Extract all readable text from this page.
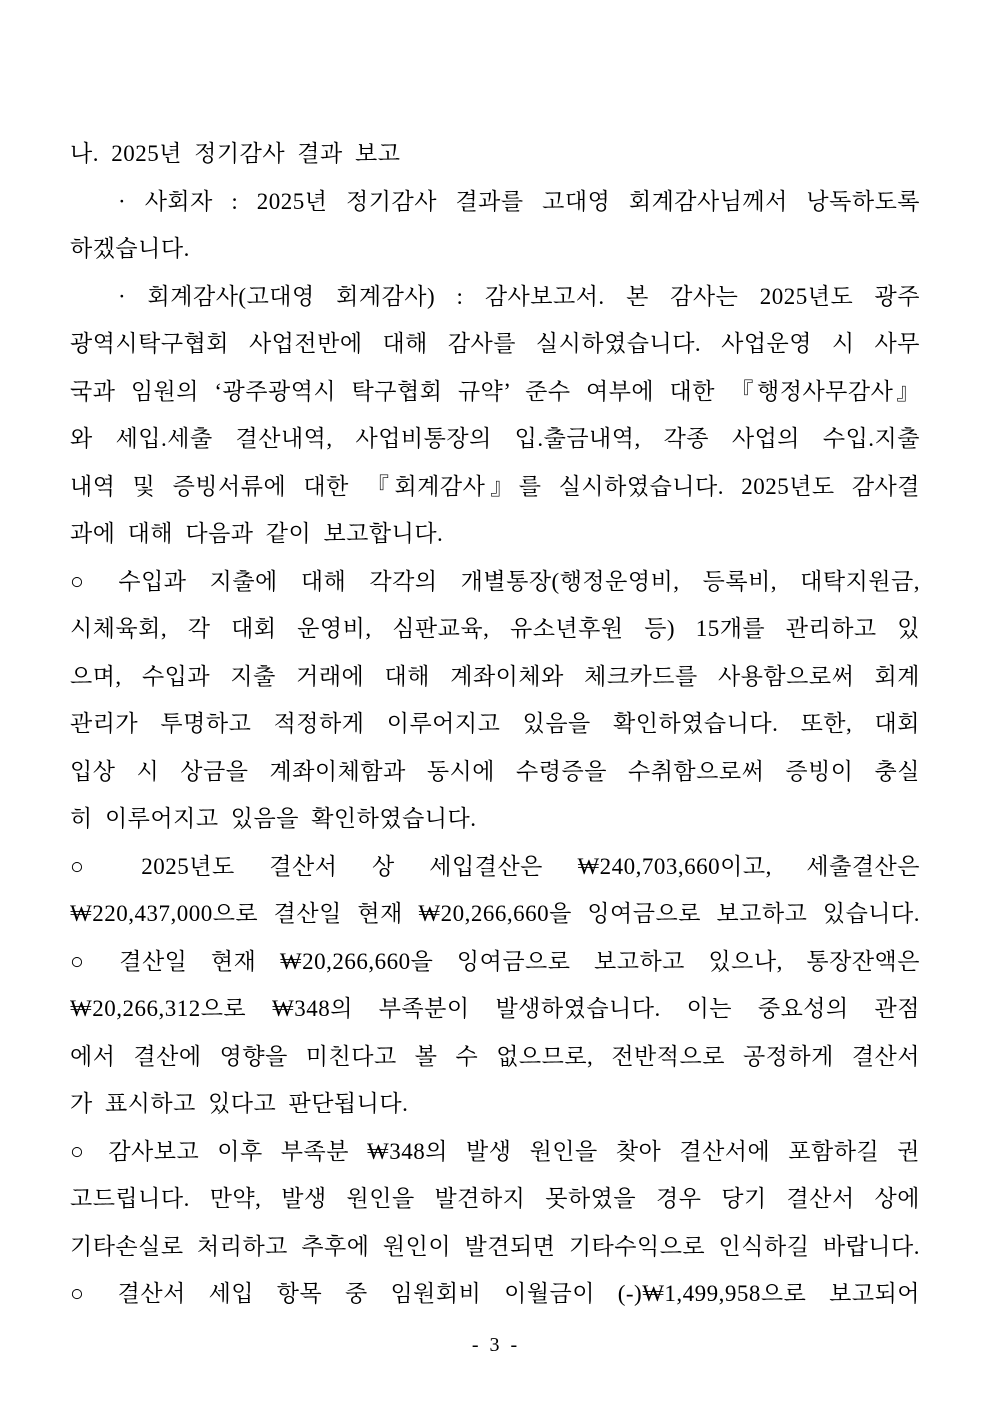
나. 2025년 정기감사 결과 보고
· 사회자 : 2025년 정기감사 결과를 고대영 회계감사님께서 낭독하도록
하겠습니다.
· 회계감사(고대영 회계감사) : 감사보고서. 본 감사는 2025년도 광주
광역시탁구협회 사업전반에 대해 감사를 실시하였습니다. 사업운영 시 사무
국과 임원의 ‘광주광역시 탁구협회 규약’ 준수 여부에 대한 『행정사무감사』
와 세입.세출 결산내역, 사업비통장의 입.출금내역, 각종 사업의 수입.지출
내역 및 증빙서류에 대한 『회계감사』를 실시하였습니다. 2025년도 감사결
과에 대해 다음과 같이 보고합니다.
○ 수입과 지출에 대해 각각의 개별통장(행정운영비, 등록비, 대탁지원금,
시체육회, 각 대회 운영비, 심판교육, 유소년후원 등) 15개를 관리하고 있
으며, 수입과 지출 거래에 대해 계좌이체와 체크카드를 사용함으로써 회계
관리가 투명하고 적정하게 이루어지고 있음을 확인하였습니다. 또한, 대회
입상 시 상금을 계좌이체함과 동시에 수령증을 수취함으로써 증빙이 충실
히 이루어지고 있음을 확인하였습니다.
○ 2025년도 결산서 상 세입결산은 ₩240,703,660이고, 세출결산은
₩220,437,000으로 결산일 현재 ₩20,266,660을 잉여금으로 보고하고 있습니다.
○ 결산일 현재 ₩20,266,660을 잉여금으로 보고하고 있으나, 통장잔액은
₩20,266,312으로 ₩348의 부족분이 발생하였습니다. 이는 중요성의 관점
에서 결산에 영향을 미친다고 볼 수 없으므로, 전반적으로 공정하게 결산서
가 표시하고 있다고 판단됩니다.
○ 감사보고 이후 부족분 ₩348의 발생 원인을 찾아 결산서에 포함하길 권
고드립니다. 만약, 발생 원인을 발견하지 못하였을 경우 당기 결산서 상에
기타손실로 처리하고 추후에 원인이 발견되면 기타수익으로 인식하길 바랍니다.
○ 결산서 세입 항목 중 임원회비 이월금이 (-)₩1,499,958으로 보고되어
- 3 -
